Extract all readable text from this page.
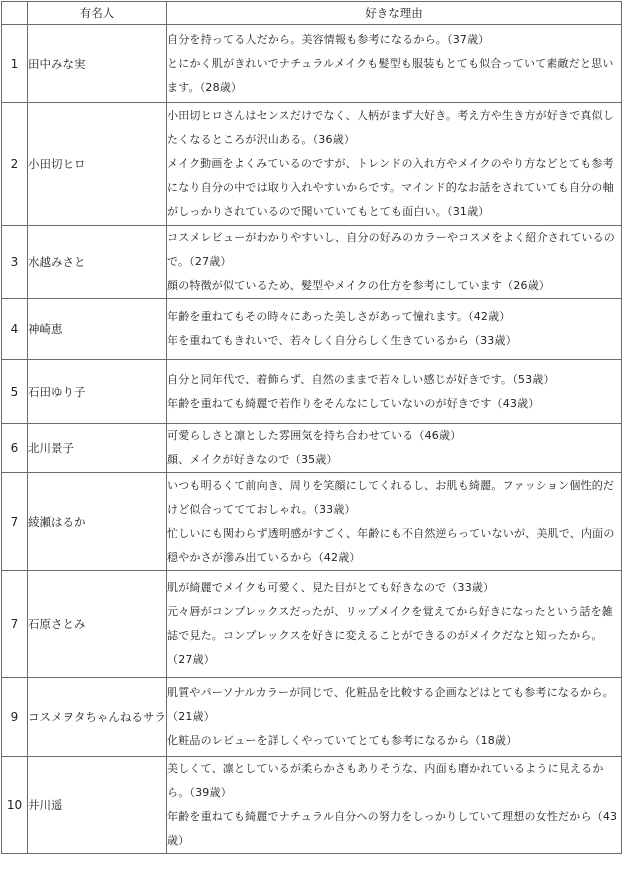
	有名人	好きな理由
1	田中みな実	自分を持ってる人だから。美容情報も参考になるから。（37歳）
とにかく肌がきれいでナチュラルメイクも髪型も服装もとても似合っていて素敵だと思います。（28歳）

2	小田切ヒロ	小田切ヒロさんはセンスだけでなく、人柄がまず大好き。考え方や生き方が好きで真似したくなるところが沢山ある。（36歳）
メイク動画をよくみているのですが、トレンドの入れ方やメイクのやり方などとても参考になり自分の中では取り入れやすいからです。マインド的なお話をされていても自分の軸がしっかりされているので聞いていてもとても面白い。（31歳）

3	水越みさと	コスメレビューがわかりやすいし、自分の好みのカラーやコスメをよく紹介されているので。（27歳）
顔の特徴が似ているため、髪型やメイクの仕方を参考にしています（26歳）

4	神崎恵	年齢を重ねてもその時々にあった美しさがあって憧れます。（42歳）
年を重ねてもきれいで、若々しく自分らしく生きているから（33歳）

5	石田ゆり子	自分と同年代で、着飾らず、自然のままで若々しい感じが好きです。（53歳）
年齢を重ねても綺麗で若作りをそんなにしていないのが好きです（43歳）

6	北川景子	可愛らしさと凛とした雰囲気を持ち合わせている（46歳）
顔、メイクが好きなので（35歳）

7	綾瀬はるか	いつも明るくて前向き、周りを笑顔にしてくれるし、お肌も綺麗。ファッション個性的だけど似合っててておしゃれ。（33歳）
忙しいにも関わらず透明感がすごく、年齢にも不自然逆らっていないが、美肌で、内面の穏やかさが滲み出ているから（42歳）

7	石原さとみ	肌が綺麗でメイクも可愛く、見た目がとても好きなので（33歳）
元々唇がコンプレックスだったが、リップメイクを覚えてから好きになったという話を雑誌で見た。コンプレックスを好きに変えることができるのがメイクだなと知ったから。（27歳）

9	コスメヲタちゃんねるサラ	肌質やパーソナルカラーが同じで、化粧品を比較する企画などはとても参考になるから。（21歳）
化粧品のレビューを詳しくやっていてとても参考になるから（18歳）

10	井川遥	美しくて、凛としているが柔らかさもありそうな、内面も磨かれているように見えるから。（39歳）
年齢を重ねても綺麗でナチュラル自分への努力をしっかりしていて理想の女性だから（43歳）
